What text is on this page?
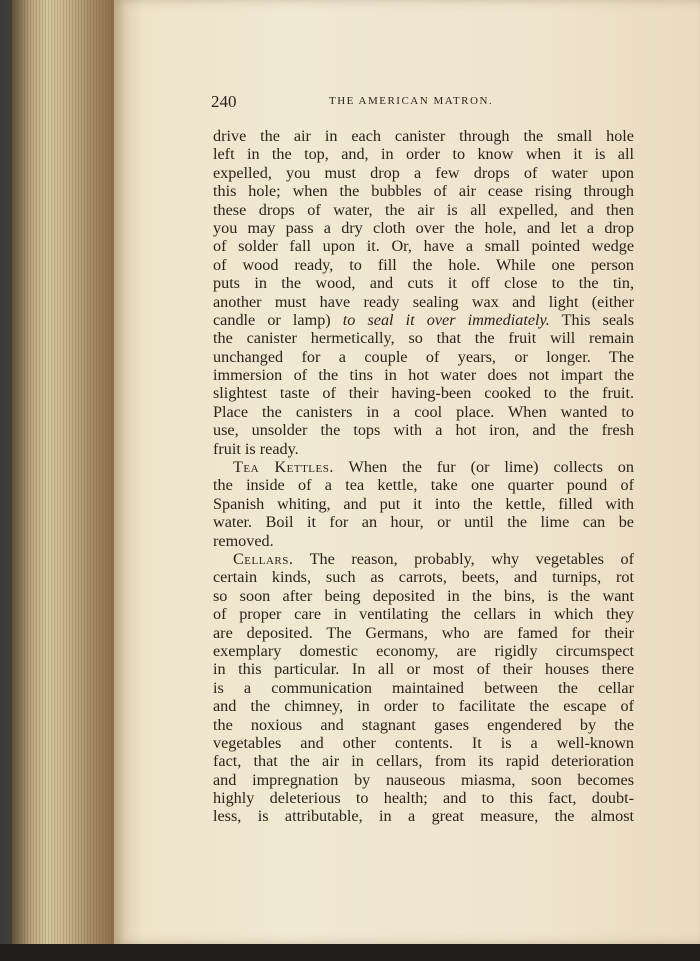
240	THE AMERICAN MATRON.
drive the air in each canister through the small hole
left in the top, and, in order to know when it is all
expelled, you must drop a few drops of water upon
this hole; when the bubbles of air cease rising through
these drops of water, the air is all expelled, and then
you may pass a dry cloth over the hole, and let a drop
of solder fall upon it. Or, have a small pointed wedge
of wood ready, to fill the hole. While one person
puts in the wood, and cuts it off close to the tin,
another must have ready sealing wax and light (either
candle or lamp) to seal it over immediately. This seals
the canister hermetically, so that the fruit will remain
unchanged for a couple of years, or longer. The
immersion of the tins in hot water does not impart the
slightest taste of their having-been cooked to the fruit.
Place the canisters in a cool place. When wanted to
use, unsolder the tops with a hot iron, and the fresh
fruit is ready.
Tea Kettles. When the fur (or lime) collects on
the inside of a tea kettle, take one quarter pound of
Spanish whiting, and put it into the kettle, filled with
water. Boil it for an hour, or until the lime can be
removed.
Cellars. The reason, probably, why vegetables of
certain kinds, such as carrots, beets, and turnips, rot
so soon after being deposited in the bins, is the want
of proper care in ventilating the cellars in which they
are deposited. The Germans, who are famed for their
exemplary domestic economy, are rigidly circumspect
in this particular. In all or most of their houses there
is a communication maintained between the cellar
and the chimney, in order to facilitate the escape of
the noxious and stagnant gases engendered by the
vegetables and other contents. It is a well-known
fact, that the air in cellars, from its rapid deterioration
and impregnation by nauseous miasma, soon becomes
highly deleterious to health; and to this fact, doubt-
less, is attributable, in a great measure, the almost
